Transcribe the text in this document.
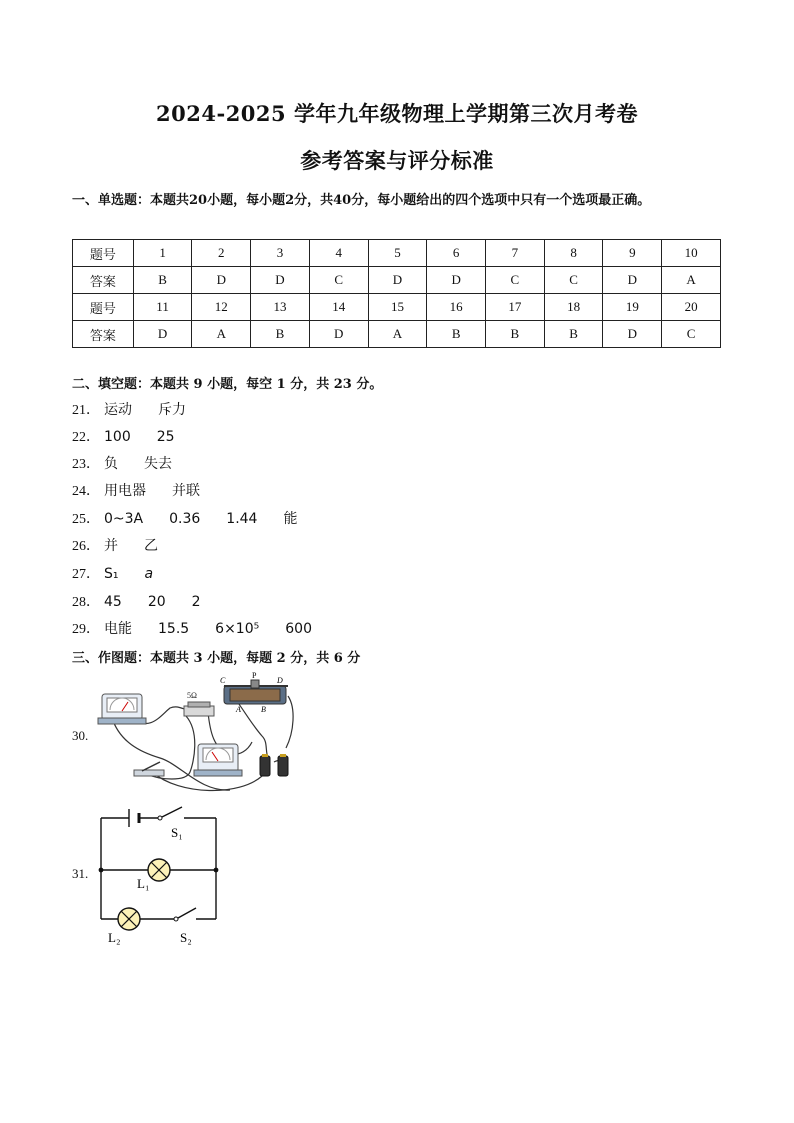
2024-2025 学年九年级物理上学期第三次月考卷
参考答案与评分标准
一、单选题：本题共20小题，每小题2分，共40分，每小题给出的四个选项中只有一个选项最正确。
题号	1	2	3	4	5	6	7	8	9	10
答案	B	D	D	C	D	D	C	C	D	A
题号	11	12	13	14	15	16	17	18	19	20
答案	D	A	B	D	A	B	B	B	D	C
二、填空题：本题共 9 小题，每空 1 分，共 23 分。
21． 运动 斥力
22． 100 25
23． 负 失去
24． 用电器 并联
25． 0~3A 0.36 1.44 能
26． 并 乙
27． S₁ a
28． 45 20 2
29． 电能 15.5 6×10⁵ 600
三、作图题：本题共 3 小题，每题 2 分，共 6 分
30.
5Ω
C
P
D
A	B
31.
S₁
L₁
L₂	S₂
